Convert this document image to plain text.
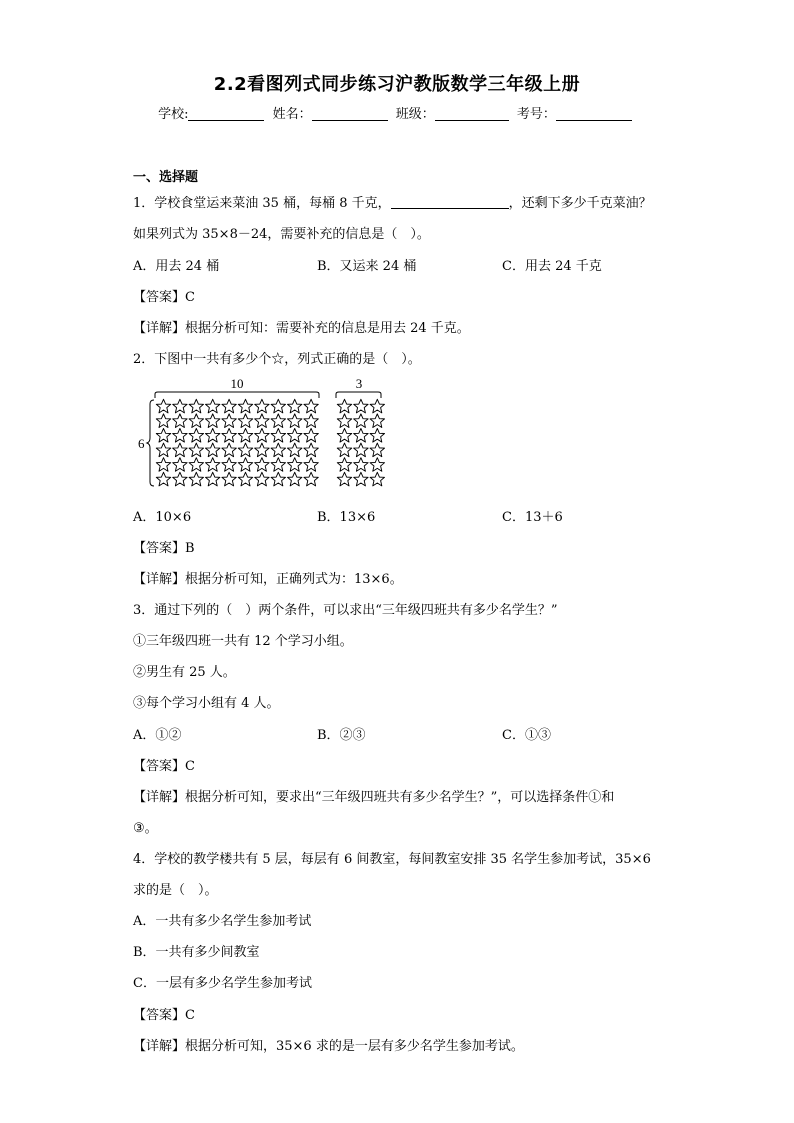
2.2看图列式同步练习沪教版数学三年级上册
学校:	姓名：	班级：	考号：
一、选择题
1．学校食堂运来菜油 35 桶，每桶 8 千克，	，还剩下多少千克菜油？
如果列式为 35×8－24，需要补充的信息是（　）。
A．用去 24 桶	B．又运来 24 桶	C．用去 24 千克
【答案】C
【详解】根据分析可知：需要补充的信息是用去 24 千克。
2．下图中一共有多少个☆，列式正确的是（　）。
10	3
6
A．10×6	B．13×6	C．13＋6
【答案】B
【详解】根据分析可知，正确列式为：13×6。
3．通过下列的（　）两个条件，可以求出“三年级四班共有多少名学生？”
①三年级四班一共有 12 个学习小组。
②男生有 25 人。
③每个学习小组有 4 人。
A．①②	B．②③	C．①③
【答案】C
【详解】根据分析可知，要求出“三年级四班共有多少名学生？”，可以选择条件①和
③。
4．学校的教学楼共有 5 层，每层有 6 间教室，每间教室安排 35 名学生参加考试，35×6
求的是（　）。
A．一共有多少名学生参加考试
B．一共有多少间教室
C．一层有多少名学生参加考试
【答案】C
【详解】根据分析可知，35×6 求的是一层有多少名学生参加考试。
